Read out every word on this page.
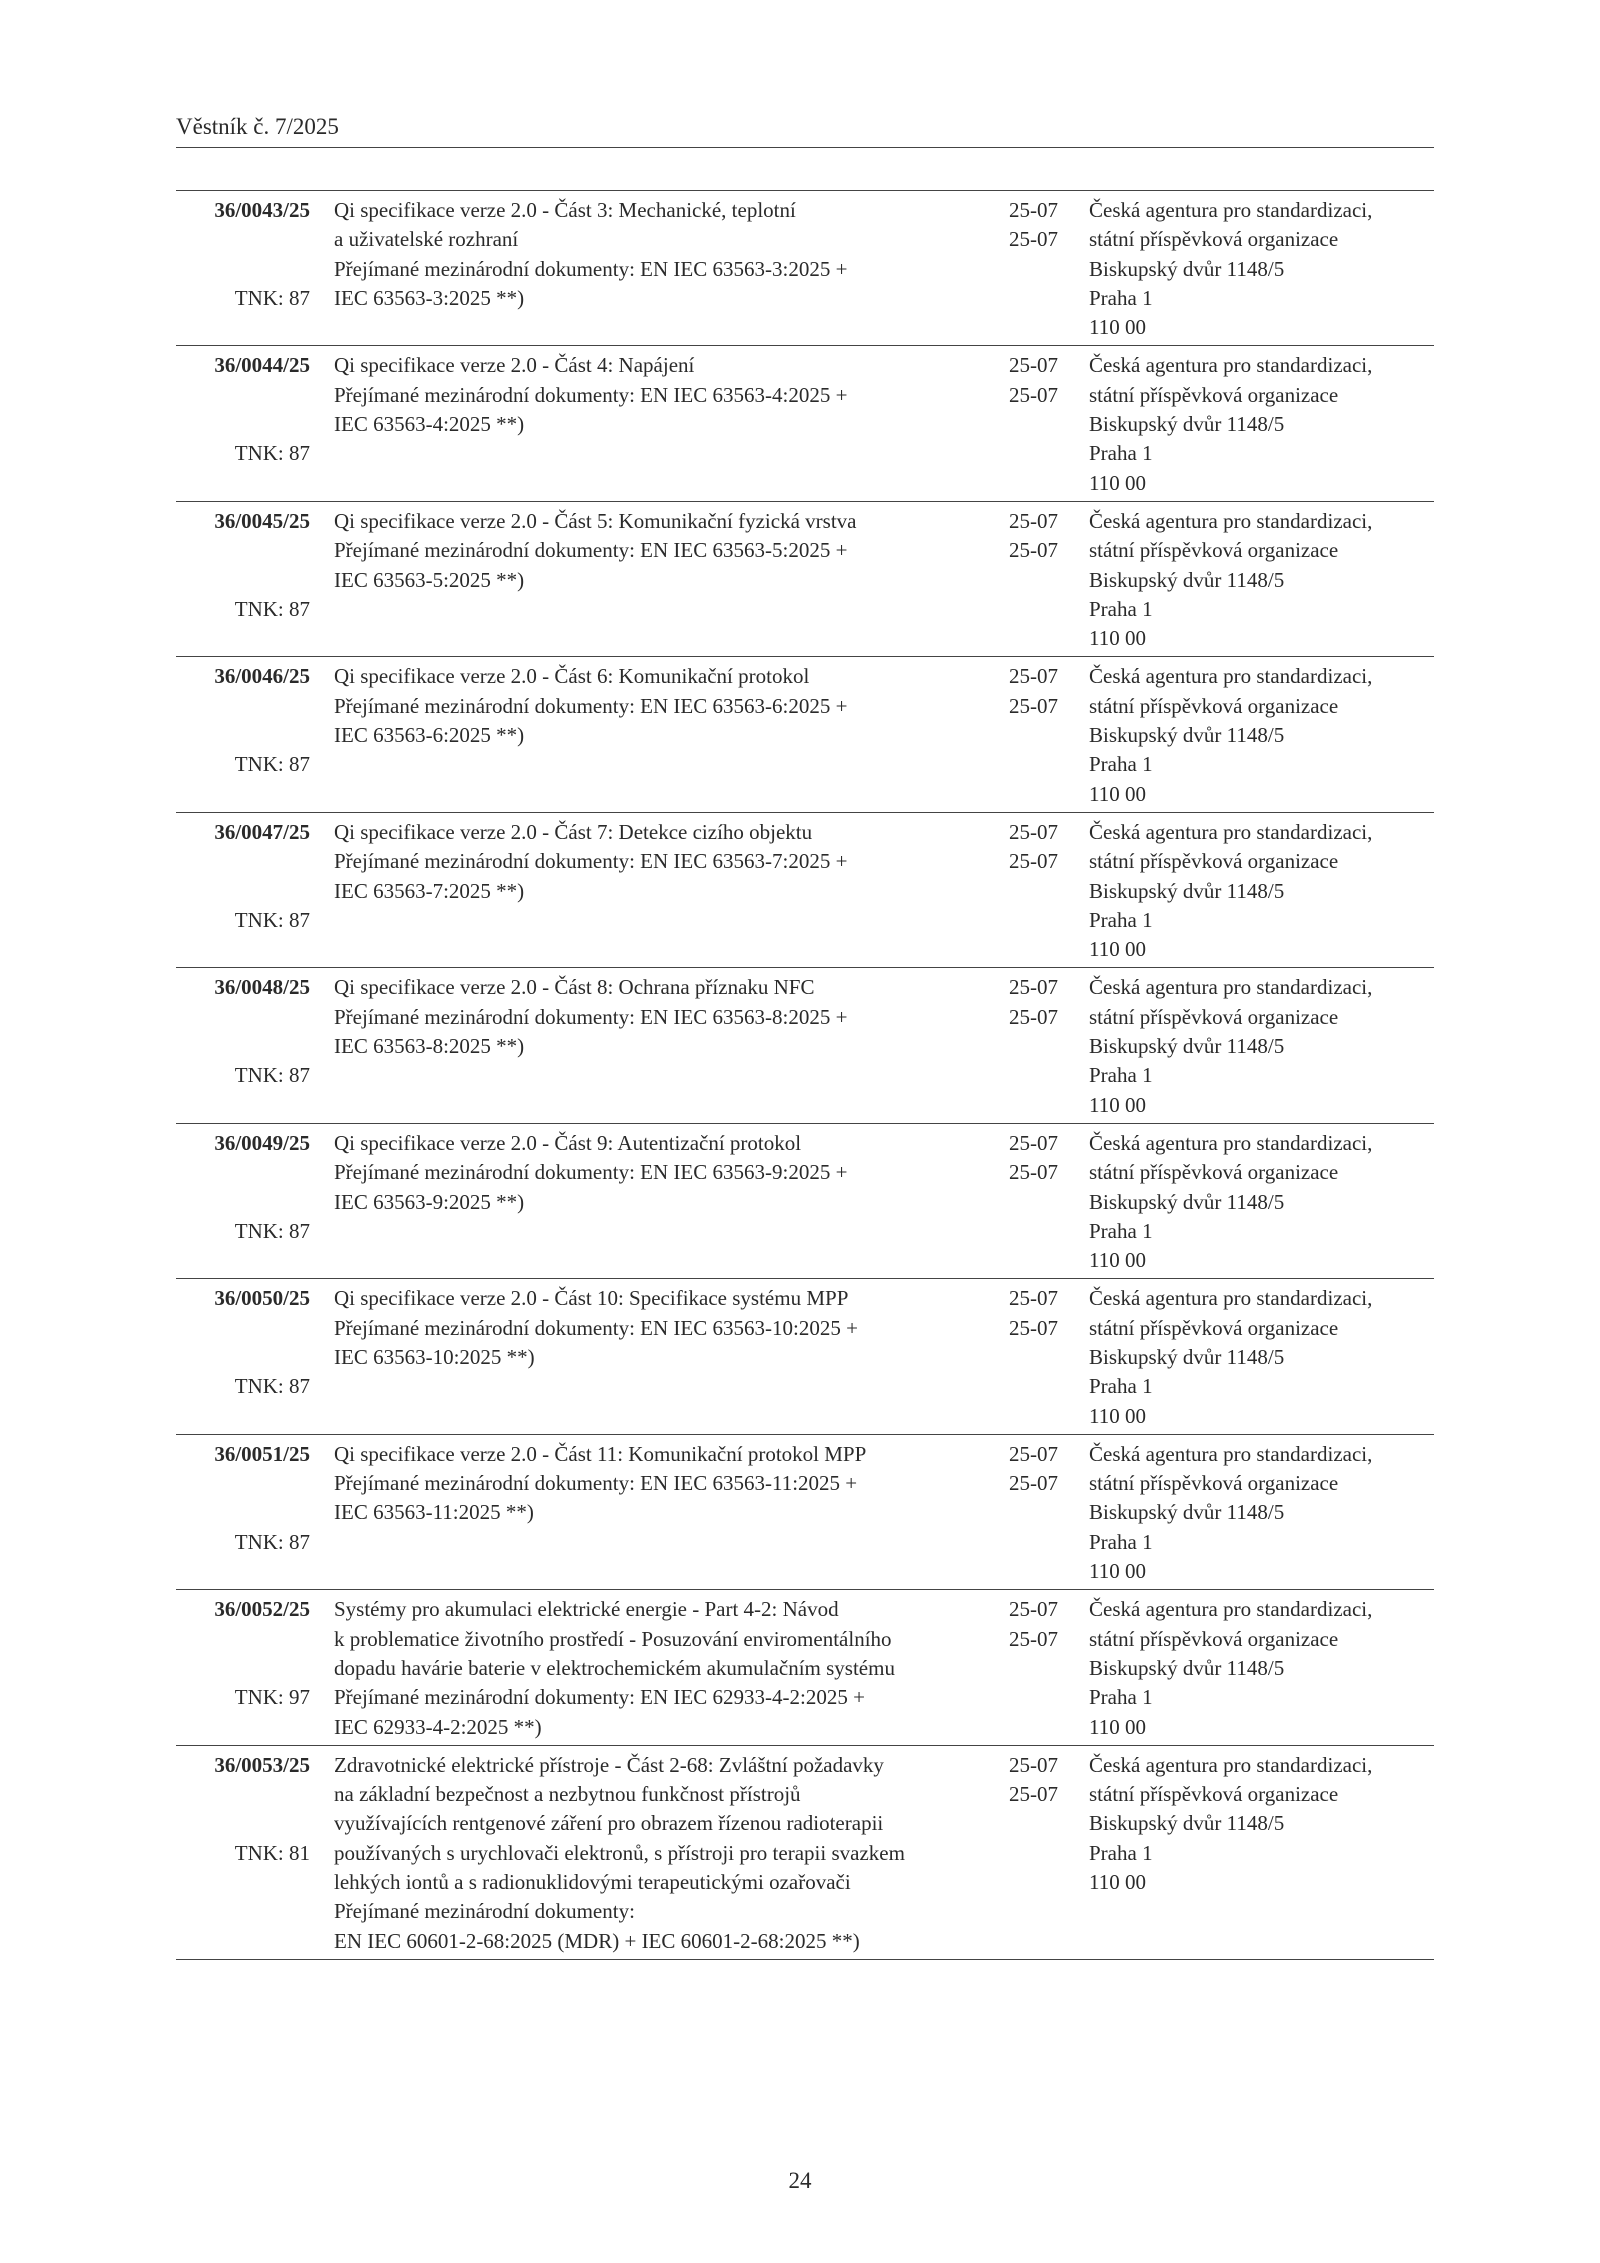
Věstník č. 7/2025
36/0043/25
TNK: 87
Qi specifikace verze 2.0 - Část 3: Mechanické, teplotní
a uživatelské rozhraní
Přejímané mezinárodní dokumenty: EN IEC 63563-3:2025 +
IEC 63563-3:2025 **)
25-07
25-07
Česká agentura pro standardizaci,
státní příspěvková organizace
Biskupský dvůr 1148/5
Praha 1
110 00
36/0044/25
TNK: 87
Qi specifikace verze 2.0 - Část 4: Napájení
Přejímané mezinárodní dokumenty: EN IEC 63563-4:2025 +
IEC 63563-4:2025 **)
25-07
25-07
Česká agentura pro standardizaci,
státní příspěvková organizace
Biskupský dvůr 1148/5
Praha 1
110 00
36/0045/25
TNK: 87
Qi specifikace verze 2.0 - Část 5: Komunikační fyzická vrstva
Přejímané mezinárodní dokumenty: EN IEC 63563-5:2025 +
IEC 63563-5:2025 **)
25-07
25-07
Česká agentura pro standardizaci,
státní příspěvková organizace
Biskupský dvůr 1148/5
Praha 1
110 00
36/0046/25
TNK: 87
Qi specifikace verze 2.0 - Část 6: Komunikační protokol
Přejímané mezinárodní dokumenty: EN IEC 63563-6:2025 +
IEC 63563-6:2025 **)
25-07
25-07
Česká agentura pro standardizaci,
státní příspěvková organizace
Biskupský dvůr 1148/5
Praha 1
110 00
36/0047/25
TNK: 87
Qi specifikace verze 2.0 - Část 7: Detekce cizího objektu
Přejímané mezinárodní dokumenty: EN IEC 63563-7:2025 +
IEC 63563-7:2025 **)
25-07
25-07
Česká agentura pro standardizaci,
státní příspěvková organizace
Biskupský dvůr 1148/5
Praha 1
110 00
36/0048/25
TNK: 87
Qi specifikace verze 2.0 - Část 8: Ochrana příznaku NFC
Přejímané mezinárodní dokumenty: EN IEC 63563-8:2025 +
IEC 63563-8:2025 **)
25-07
25-07
Česká agentura pro standardizaci,
státní příspěvková organizace
Biskupský dvůr 1148/5
Praha 1
110 00
36/0049/25
TNK: 87
Qi specifikace verze 2.0 - Část 9: Autentizační protokol
Přejímané mezinárodní dokumenty: EN IEC 63563-9:2025 +
IEC 63563-9:2025 **)
25-07
25-07
Česká agentura pro standardizaci,
státní příspěvková organizace
Biskupský dvůr 1148/5
Praha 1
110 00
36/0050/25
TNK: 87
Qi specifikace verze 2.0 - Část 10: Specifikace systému MPP
Přejímané mezinárodní dokumenty: EN IEC 63563-10:2025 +
IEC 63563-10:2025 **)
25-07
25-07
Česká agentura pro standardizaci,
státní příspěvková organizace
Biskupský dvůr 1148/5
Praha 1
110 00
36/0051/25
TNK: 87
Qi specifikace verze 2.0 - Část 11: Komunikační protokol MPP
Přejímané mezinárodní dokumenty: EN IEC 63563-11:2025 +
IEC 63563-11:2025 **)
25-07
25-07
Česká agentura pro standardizaci,
státní příspěvková organizace
Biskupský dvůr 1148/5
Praha 1
110 00
36/0052/25
TNK: 97
Systémy pro akumulaci elektrické energie - Part 4-2: Návod
k problematice životního prostředí - Posuzování enviromentálního
dopadu havárie baterie v elektrochemickém akumulačním systému
Přejímané mezinárodní dokumenty: EN IEC 62933-4-2:2025 +
IEC 62933-4-2:2025 **)
25-07
25-07
Česká agentura pro standardizaci,
státní příspěvková organizace
Biskupský dvůr 1148/5
Praha 1
110 00
36/0053/25
TNK: 81
Zdravotnické elektrické přístroje - Část 2-68: Zvláštní požadavky
na základní bezpečnost a nezbytnou funkčnost přístrojů
využívajících rentgenové záření pro obrazem řízenou radioterapii
používaných s urychlovači elektronů, s přístroji pro terapii svazkem
lehkých iontů a s radionuklidovými terapeutickými ozařovači
Přejímané mezinárodní dokumenty:
EN IEC 60601-2-68:2025 (MDR) + IEC 60601-2-68:2025 **)
25-07
25-07
Česká agentura pro standardizaci,
státní příspěvková organizace
Biskupský dvůr 1148/5
Praha 1
110 00
24
